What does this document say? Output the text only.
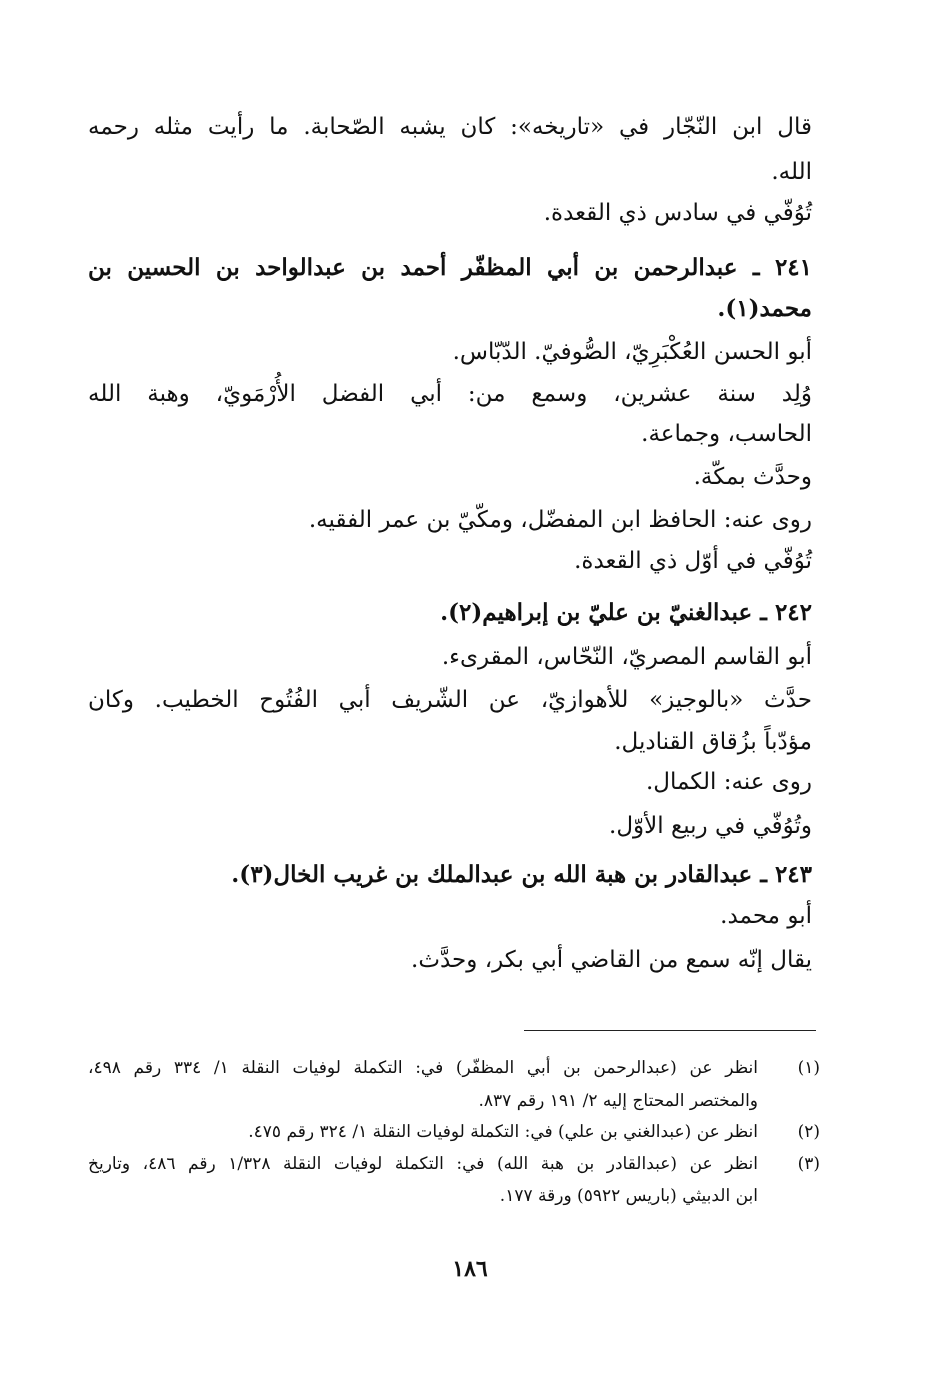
قال ابن النّجّار في «تاريخه»: كان يشبه الصّحابة. ما رأيت مثله رحمه
الله.
تُوُفّي في سادس ذي القعدة.
٢٤١ ـ عبدالرحمن بن أبي المظفّر أحمد بن عبدالواحد بن الحسين بن
محمد(١).
أبو الحسن العُكْبَرِيّ، الصُّوفيّ. الدّبّاس.
وُلِد سنة عشرين، وسمع من: أبي الفضل الأُرْمَويّ، وهبة الله
الحاسب، وجماعة.
وحدَّث بمكّة.
روى عنه: الحافظ ابن المفضّل، ومكّيّ بن عمر الفقيه.
تُوُفّي في أوّل ذي القعدة.
٢٤٢ ـ عبدالغنيّ بن عليّ بن إبراهيم(٢).
أبو القاسم المصريّ، النّحّاس، المقرىء.
حدَّث «بالوجيز» للأهوازيّ، عن الشّريف أبي الفُتُوح الخطيب. وكان
مؤدّباً بزُقاق القناديل.
روى عنه: الكمال.
وتُوُفّي في ربيع الأوّل.
٢٤٣ ـ عبدالقادر بن هبة الله بن عبدالملك بن غريب الخال(٣).
أبو محمد.
يقال إنّه سمع من القاضي أبي بكر، وحدَّث.
(١)
انظر عن (عبدالرحمن بن أبي المظفّر) في: التكملة لوفيات النقلة ١/ ٣٣٤ رقم ٤٩٨،
والمختصر المحتاج إليه ٢/ ١٩١ رقم ٨٣٧.
(٢)
انظر عن (عبدالغني بن علي) في: التكملة لوفيات النقلة ١/ ٣٢٤ رقم ٤٧٥.
(٣)
انظر عن (عبدالقادر بن هبة الله) في: التكملة لوفيات النقلة ١/٣٢٨ رقم ٤٨٦، وتاريخ
ابن الدبيثي (باريس ٥٩٢٢) ورقة ١٧٧.
١٨٦
